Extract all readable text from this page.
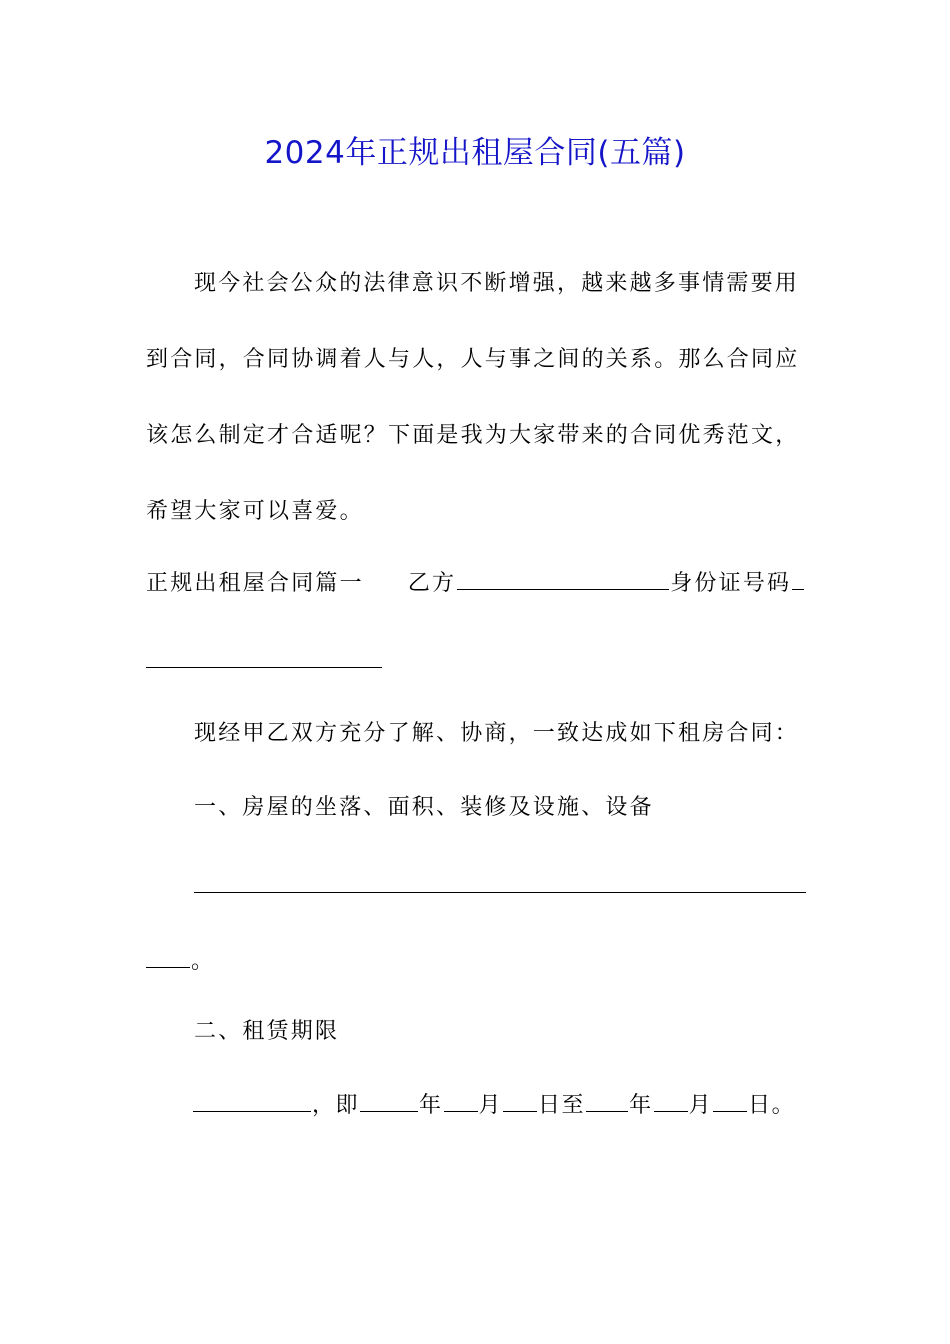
2024年正规出租屋合同(五篇)
现今社会公众的法律意识不断增强，越来越多事情需要用
到合同，合同协调着人与人，人与事之间的关系。那么合同应
该怎么制定才合适呢？下面是我为大家带来的合同优秀范文，
希望大家可以喜爱。
正规出租屋合同篇一 乙方	身份证号码
现经甲乙双方充分了解、协商，一致达成如下租房合同：
一、房屋的坐落、面积、装修及设施、设备
。
二、租赁期限
，即	年 月 日至 年 月 日。
